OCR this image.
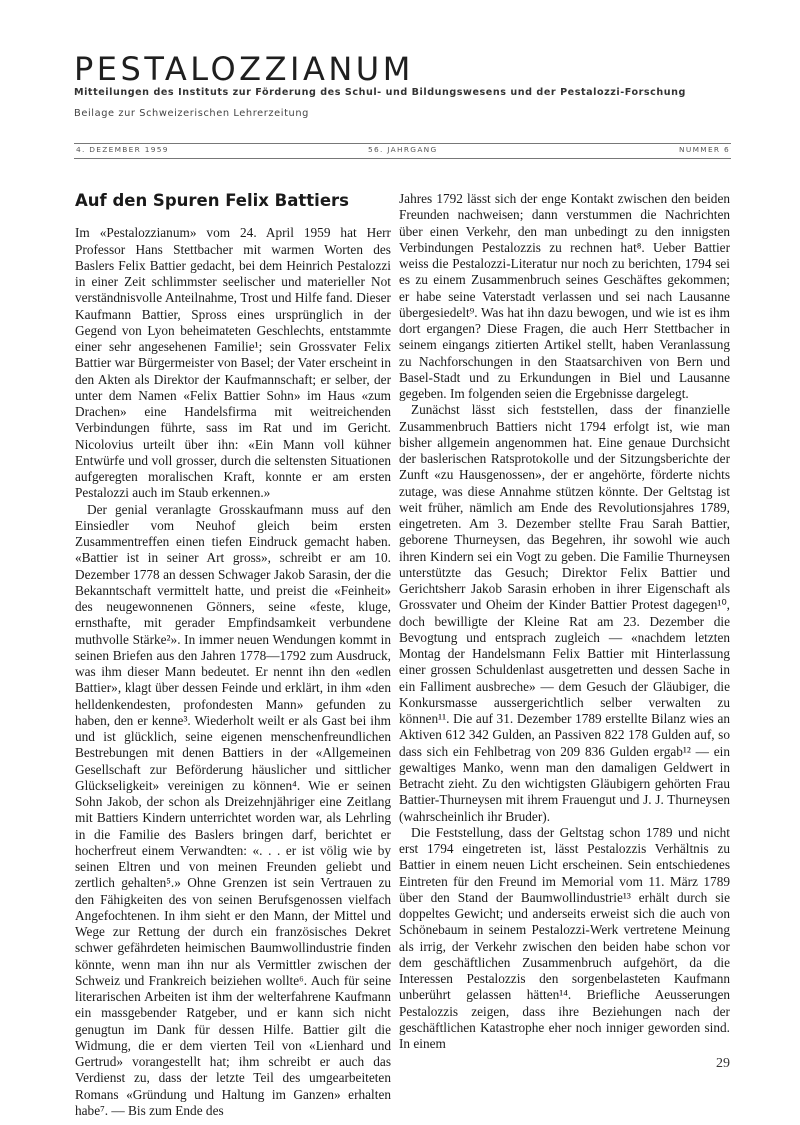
PESTALOZZIANUM
Mitteilungen des Instituts zur Förderung des Schul- und Bildungswesens und der Pestalozzi-Forschung
Beilage zur Schweizerischen Lehrerzeitung
4. DEZEMBER 1959	56. JAHRGANG	NUMMER 6
Auf den Spuren Felix Battiers

Im «Pestalozzianum» vom 24. April 1959 hat Herr Professor Hans Stettbacher mit warmen Worten des Baslers Felix Battier gedacht, bei dem Heinrich Pestalozzi in einer Zeit schlimmster seelischer und materieller Not verständnisvolle Anteilnahme, Trost und Hilfe fand. Dieser Kaufmann Battier, Spross eines ursprünglich in der Gegend von Lyon beheimateten Geschlechts, entstammte einer sehr angesehenen Familie¹; sein Grossvater Felix Battier war Bürgermeister von Basel; der Vater erscheint in den Akten als Direktor der Kaufmannschaft; er selber, der unter dem Namen «Felix Battier Sohn» im Haus «zum Drachen» eine Handelsfirma mit weitreichenden Verbindungen führte, sass im Rat und im Gericht. Nicolovius urteilt über ihn: «Ein Mann voll kühner Entwürfe und voll grosser, durch die seltensten Situationen aufgeregten moralischen Kraft, konnte er am ersten Pestalozzi auch im Staub erkennen.»

Der genial veranlagte Grosskaufmann muss auf den Einsiedler vom Neuhof gleich beim ersten Zusammentreffen einen tiefen Eindruck gemacht haben. «Battier ist in seiner Art gross», schreibt er am 10. Dezember 1778 an dessen Schwager Jakob Sarasin, der die Bekanntschaft vermittelt hatte, und preist die «Feinheit» des neugewonnenen Gönners, seine «feste, kluge, ernsthafte, mit gerader Empfindsamkeit verbundene muthvolle Stärke²». In immer neuen Wendungen kommt in seinen Briefen aus den Jahren 1778—1792 zum Ausdruck, was ihm dieser Mann bedeutet. Er nennt ihn den «edlen Battier», klagt über dessen Feinde und erklärt, in ihm «den helldenkendesten, profondesten Mann» gefunden zu haben, den er kenne³. Wiederholt weilt er als Gast bei ihm und ist glücklich, seine eigenen menschenfreundlichen Bestrebungen mit denen Battiers in der «Allgemeinen Gesellschaft zur Beförderung häuslicher und sittlicher Glückseligkeit» vereinigen zu können⁴. Wie er seinen Sohn Jakob, der schon als Dreizehnjähriger eine Zeitlang mit Battiers Kindern unterrichtet worden war, als Lehrling in die Familie des Baslers bringen darf, berichtet er hocherfreut einem Verwandten: «. . . er ist völig wie by seinen Eltren und von meinen Freunden geliebt und zertlich gehalten⁵.» Ohne Grenzen ist sein Vertrauen zu den Fähigkeiten des von seinen Berufsgenossen vielfach Angefochtenen. In ihm sieht er den Mann, der Mittel und Wege zur Rettung der durch ein französisches Dekret schwer gefährdeten heimischen Baumwollindustrie finden könnte, wenn man ihn nur als Vermittler zwischen der Schweiz und Frankreich beiziehen wollte⁶. Auch für seine literarischen Arbeiten ist ihm der welterfahrene Kaufmann ein massgebender Ratgeber, und er kann sich nicht genugtun im Dank für dessen Hilfe. Battier gilt die Widmung, die er dem vierten Teil von «Lienhard und Gertrud» vorangestellt hat; ihm schreibt er auch das Verdienst zu, dass der letzte Teil des umgearbeiteten Romans «Gründung und Haltung im Ganzen» erhalten habe⁷. — Bis zum Ende des

Jahres 1792 lässt sich der enge Kontakt zwischen den beiden Freunden nachweisen; dann verstummen die Nachrichten über einen Verkehr, den man unbedingt zu den innigsten Verbindungen Pestalozzis zu rechnen hat⁸. Ueber Battier weiss die Pestalozzi-Literatur nur noch zu berichten, 1794 sei es zu einem Zusammenbruch seines Geschäftes gekommen; er habe seine Vaterstadt verlassen und sei nach Lausanne übergesiedelt⁹. Was hat ihn dazu bewogen, und wie ist es ihm dort ergangen? Diese Fragen, die auch Herr Stettbacher in seinem eingangs zitierten Artikel stellt, haben Veranlassung zu Nachforschungen in den Staatsarchiven von Bern und Basel-Stadt und zu Erkundungen in Biel und Lausanne gegeben. Im folgenden seien die Ergebnisse dargelegt.

Zunächst lässt sich feststellen, dass der finanzielle Zusammenbruch Battiers nicht 1794 erfolgt ist, wie man bisher allgemein angenommen hat. Eine genaue Durchsicht der baslerischen Ratsprotokolle und der Sitzungsberichte der Zunft «zu Hausgenossen», der er angehörte, förderte nichts zutage, was diese Annahme stützen könnte. Der Geltstag ist weit früher, nämlich am Ende des Revolutionsjahres 1789, eingetreten. Am 3. Dezember stellte Frau Sarah Battier, geborene Thurneysen, das Begehren, ihr sowohl wie auch ihren Kindern sei ein Vogt zu geben. Die Familie Thurneysen unterstützte das Gesuch; Direktor Felix Battier und Gerichtsherr Jakob Sarasin erhoben in ihrer Eigenschaft als Grossvater und Oheim der Kinder Battier Protest dagegen¹⁰, doch bewilligte der Kleine Rat am 23. Dezember die Bevogtung und entsprach zugleich — «nachdem letzten Montag der Handelsmann Felix Battier mit Hinterlassung einer grossen Schuldenlast ausgetretten und dessen Sache in ein Falliment ausbreche» — dem Gesuch der Gläubiger, die Konkursmasse aussergerichtlich selber verwalten zu können¹¹. Die auf 31. Dezember 1789 erstellte Bilanz wies an Aktiven 612 342 Gulden, an Passiven 822 178 Gulden auf, so dass sich ein Fehlbetrag von 209 836 Gulden ergab¹² — ein gewaltiges Manko, wenn man den damaligen Geldwert in Betracht zieht. Zu den wichtigsten Gläubigern gehörten Frau Battier-Thurneysen mit ihrem Frauengut und J. J. Thurneysen (wahrscheinlich ihr Bruder).

Die Feststellung, dass der Geltstag schon 1789 und nicht erst 1794 eingetreten ist, lässt Pestalozzis Verhältnis zu Battier in einem neuen Licht erscheinen. Sein entschiedenes Eintreten für den Freund im Memorial vom 11. März 1789 über den Stand der Baumwollindustrie¹³ erhält durch sie doppeltes Gewicht; und anderseits erweist sich die auch von Schönebaum in seinem Pestalozzi-Werk vertretene Meinung als irrig, der Verkehr zwischen den beiden habe schon vor dem geschäftlichen Zusammenbruch aufgehört, da die Interessen Pestalozzis den sorgenbelasteten Kaufmann unberührt gelassen hätten¹⁴. Briefliche Aeusserungen Pestalozzis zeigen, dass ihre Beziehungen nach der geschäftlichen Katastrophe eher noch inniger geworden sind. In einem

29
